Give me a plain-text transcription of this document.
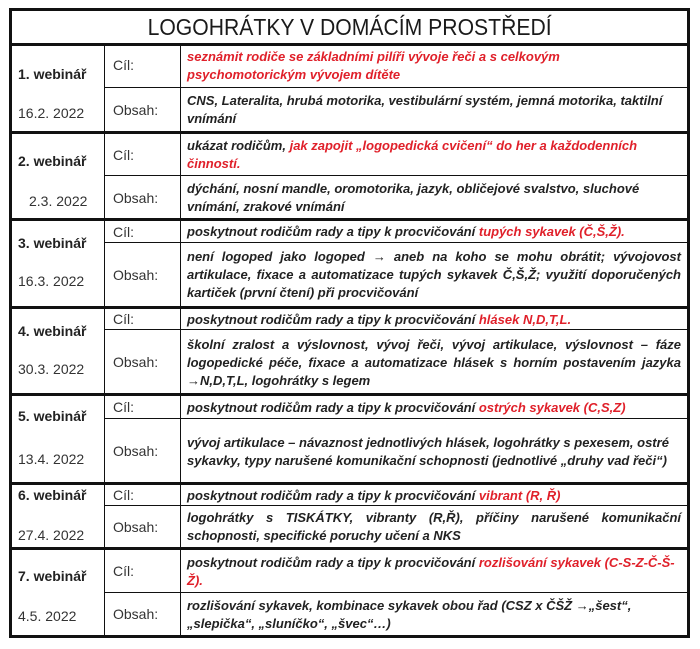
LOGOHRÁTKY V DOMÁCÍM PROSTŘEDÍ
1. webinář
16.2. 2022
Cíl:
seznámit rodiče se základními pilíři vývoje řeči a s celkovým psychomotorickým vývojem dítěte
Obsah:
CNS, Lateralita, hrubá motorika, vestibulární systém, jemná motorika, taktilní vnímání
2. webinář
2.3. 2022
Cíl:
ukázat rodičům, jak zapojit „logopedická cvičení“ do her a každodenních činností.
Obsah:
dýchání, nosní mandle, oromotorika, jazyk, obličejové svalstvo, sluchové vnímání, zrakové vnímání
3. webinář
16.3. 2022
Cíl:	poskytnout rodičům rady a tipy k procvičování tupých sykavek (Č,Š,Ž).
Obsah:
není logoped jako logoped → aneb na koho se mohu obrátit; vývojovost artikulace, fixace a automatizace tupých sykavek Č,Š,Ž; využití doporučených kartiček (první čtení) při procvičování
4. webinář
30.3. 2022
Cíl:	poskytnout rodičům rady a tipy k procvičování hlásek N,D,T,L.
Obsah:
školní zralost a výslovnost, vývoj řeči, vývoj artikulace, výslovnost – fáze logopedické péče, fixace a automatizace hlásek s horním postavením jazyka →N,D,T,L, logohrátky s legem
5. webinář
13.4. 2022
Cíl:	poskytnout rodičům rady a tipy k procvičování ostrých sykavek (C,S,Z)
Obsah:
vývoj artikulace – návaznost jednotlivých hlásek, logohrátky s pexesem, ostré sykavky, typy narušené komunikační schopnosti (jednotlivé „druhy vad řeči“)
6. webinář
27.4. 2022
Cíl:	poskytnout rodičům rady a tipy k procvičování vibrant (R, Ř)
Obsah:
logohrátky s TISKÁTKY, vibranty (R,Ř), příčiny narušené komunikační schopnosti, specifické poruchy učení a NKS
7. webinář
4.5. 2022
Cíl:
poskytnout rodičům rady a tipy k procvičování rozlišování sykavek (C-S-Z-Č-Š-Ž).
Obsah:
rozlišování sykavek, kombinace sykavek obou řad (CSZ x ČŠŽ →„šest“, „slepička“, „sluníčko“, „švec“…)
